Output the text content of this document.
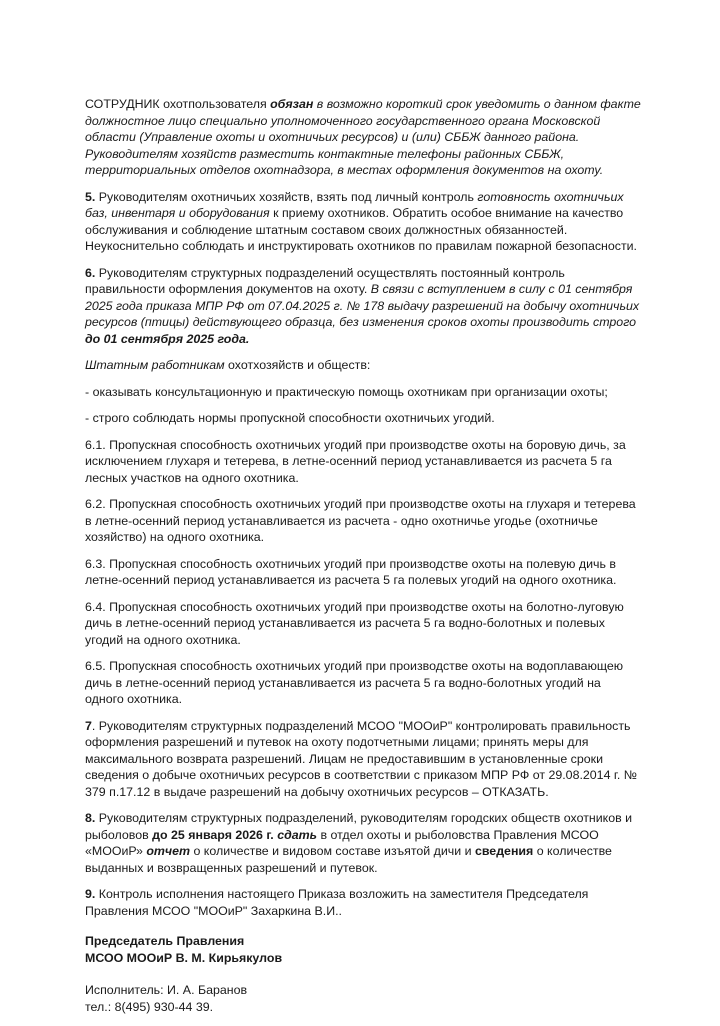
СОТРУДНИК охотпользователя обязан в возможно короткий срок уведомить о данном факте должностное лицо специально уполномоченного государственного органа Московской области (Управление охоты и охотничьих ресурсов) и (или) СББЖ данного района. Руководителям хозяйств разместить контактные телефоны районных СББЖ, территориальных отделов охотнадзора, в местах оформления документов на охоту.

5. Руководителям охотничьих хозяйств, взять под личный контроль готовность охотничьих баз, инвентаря и оборудования к приему охотников. Обратить особое внимание на качество обслуживания и соблюдение штатным составом своих должностных обязанностей. Неукоснительно соблюдать и инструктировать охотников по правилам пожарной безопасности.

6. Руководителям структурных подразделений осуществлять постоянный контроль правильности оформления документов на охоту. В связи с вступлением в силу с 01 сентября 2025 года приказа МПР РФ от 07.04.2025 г. № 178 выдачу разрешений на добычу охотничьих ресурсов (птицы) действующего образца, без изменения сроков охоты производить строго до 01 сентября 2025 года.

Штатным работникам охотхозяйств и обществ:

- оказывать консультационную и практическую помощь охотникам при организации охоты;

- строго соблюдать нормы пропускной способности охотничьих угодий.

6.1. Пропускная способность охотничьих угодий при производстве охоты на боровую дичь, за исключением глухаря и тетерева, в летне-осенний период устанавливается из расчета 5 га лесных участков на одного охотника.

6.2. Пропускная способность охотничьих угодий при производстве охоты на глухаря и тетерева в летне-осенний период устанавливается из расчета - одно охотничье угодье (охотничье хозяйство) на одного охотника.

6.3. Пропускная способность охотничьих угодий при производстве охоты на полевую дичь в летне-осенний период устанавливается из расчета 5 га полевых угодий на одного охотника.

6.4. Пропускная способность охотничьих угодий при производстве охоты на болотно-луговую дичь в летне-осенний период устанавливается из расчета 5 га водно-болотных и полевых угодий на одного охотника.

6.5. Пропускная способность охотничьих угодий при производстве охоты на водоплавающею дичь в летне-осенний период устанавливается из расчета 5 га водно-болотных угодий на одного охотника.

7. Руководителям структурных подразделений МСОО "МООиР" контролировать правильность оформления разрешений и путевок на охоту подотчетными лицами; принять меры для максимального возврата разрешений. Лицам не предоставившим в установленные сроки сведения о добыче охотничьих ресурсов в соответствии с приказом МПР РФ от 29.08.2014 г. № 379 п.17.12 в выдаче разрешений на добычу охотничьих ресурсов – ОТКАЗАТЬ.

8. Руководителям структурных подразделений, руководителям городских обществ охотников и рыболовов до 25 января 2026 г. сдать в отдел охоты и рыболовства Правления МСОО «МООиР» отчет о количестве и видовом составе изъятой дичи и сведения о количестве выданных и возвращенных разрешений и путевок.

9. Контроль исполнения настоящего Приказа возложить на заместителя Председателя Правления МСОО "МООиР" Захаркина В.И..

Председатель Правления
МСОО МООиР В. М. Кирьякулов
Исполнитель: И. А. Баранов
тел.: 8(495) 930-44 39.
